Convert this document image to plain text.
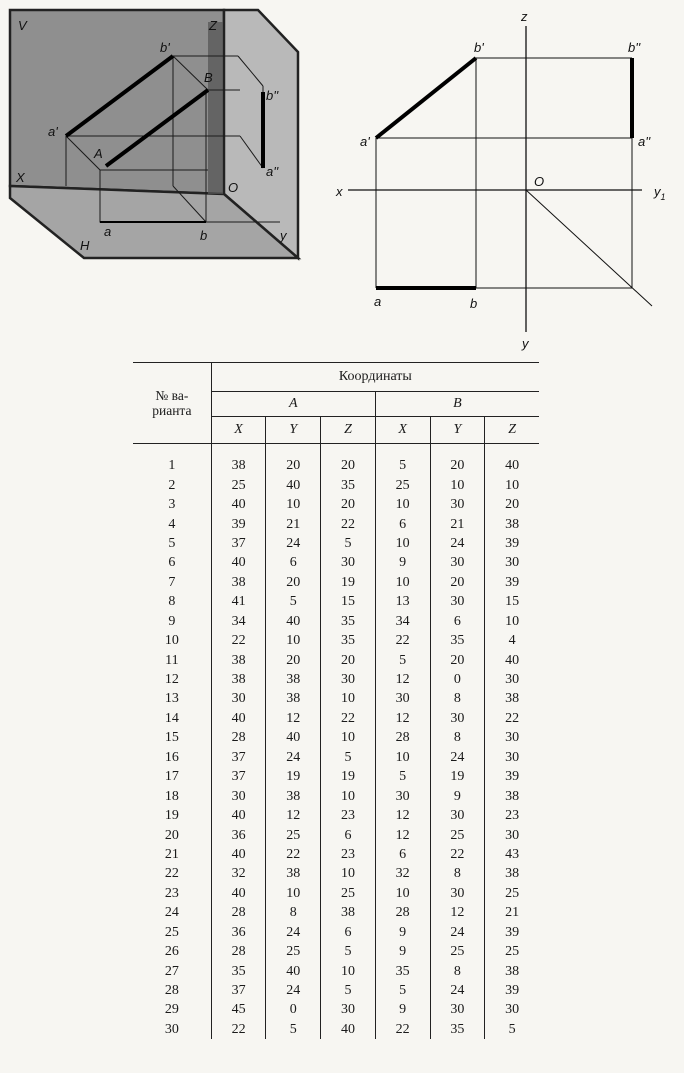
V	Z
X
H
y
a'
b'
A
B
b''
a''
O
a	b
z
x
O
$y_1$
y
a'
b'	b''
a''
a	b
№ ва-
рианта	Координаты					
	A			B		
	X	Y	Z	X	Y	Z
1	38	20	20	5	20	40
2	25	40	35	25	10	10
3	40	10	20	10	30	20
4	39	21	22	6	21	38
5	37	24	5	10	24	39
6	40	6	30	9	30	30
7	38	20	19	10	20	39
8	41	5	15	13	30	15
9	34	40	35	34	6	10
10	22	10	35	22	35	4
11	38	20	20	5	20	40
12	38	38	30	12	0	30
13	30	38	10	30	8	38
14	40	12	22	12	30	22
15	28	40	10	28	8	30
16	37	24	5	10	24	30
17	37	19	19	5	19	39
18	30	38	10	30	9	38
19	40	12	23	12	30	23
20	36	25	6	12	25	30
21	40	22	23	6	22	43
22	32	38	10	32	8	38
23	40	10	25	10	30	25
24	28	8	38	28	12	21
25	36	24	6	9	24	39
26	28	25	5	9	25	25
27	35	40	10	35	8	38
28	37	24	5	5	24	39
29	45	0	30	9	30	30
30	22	5	40	22	35	5
